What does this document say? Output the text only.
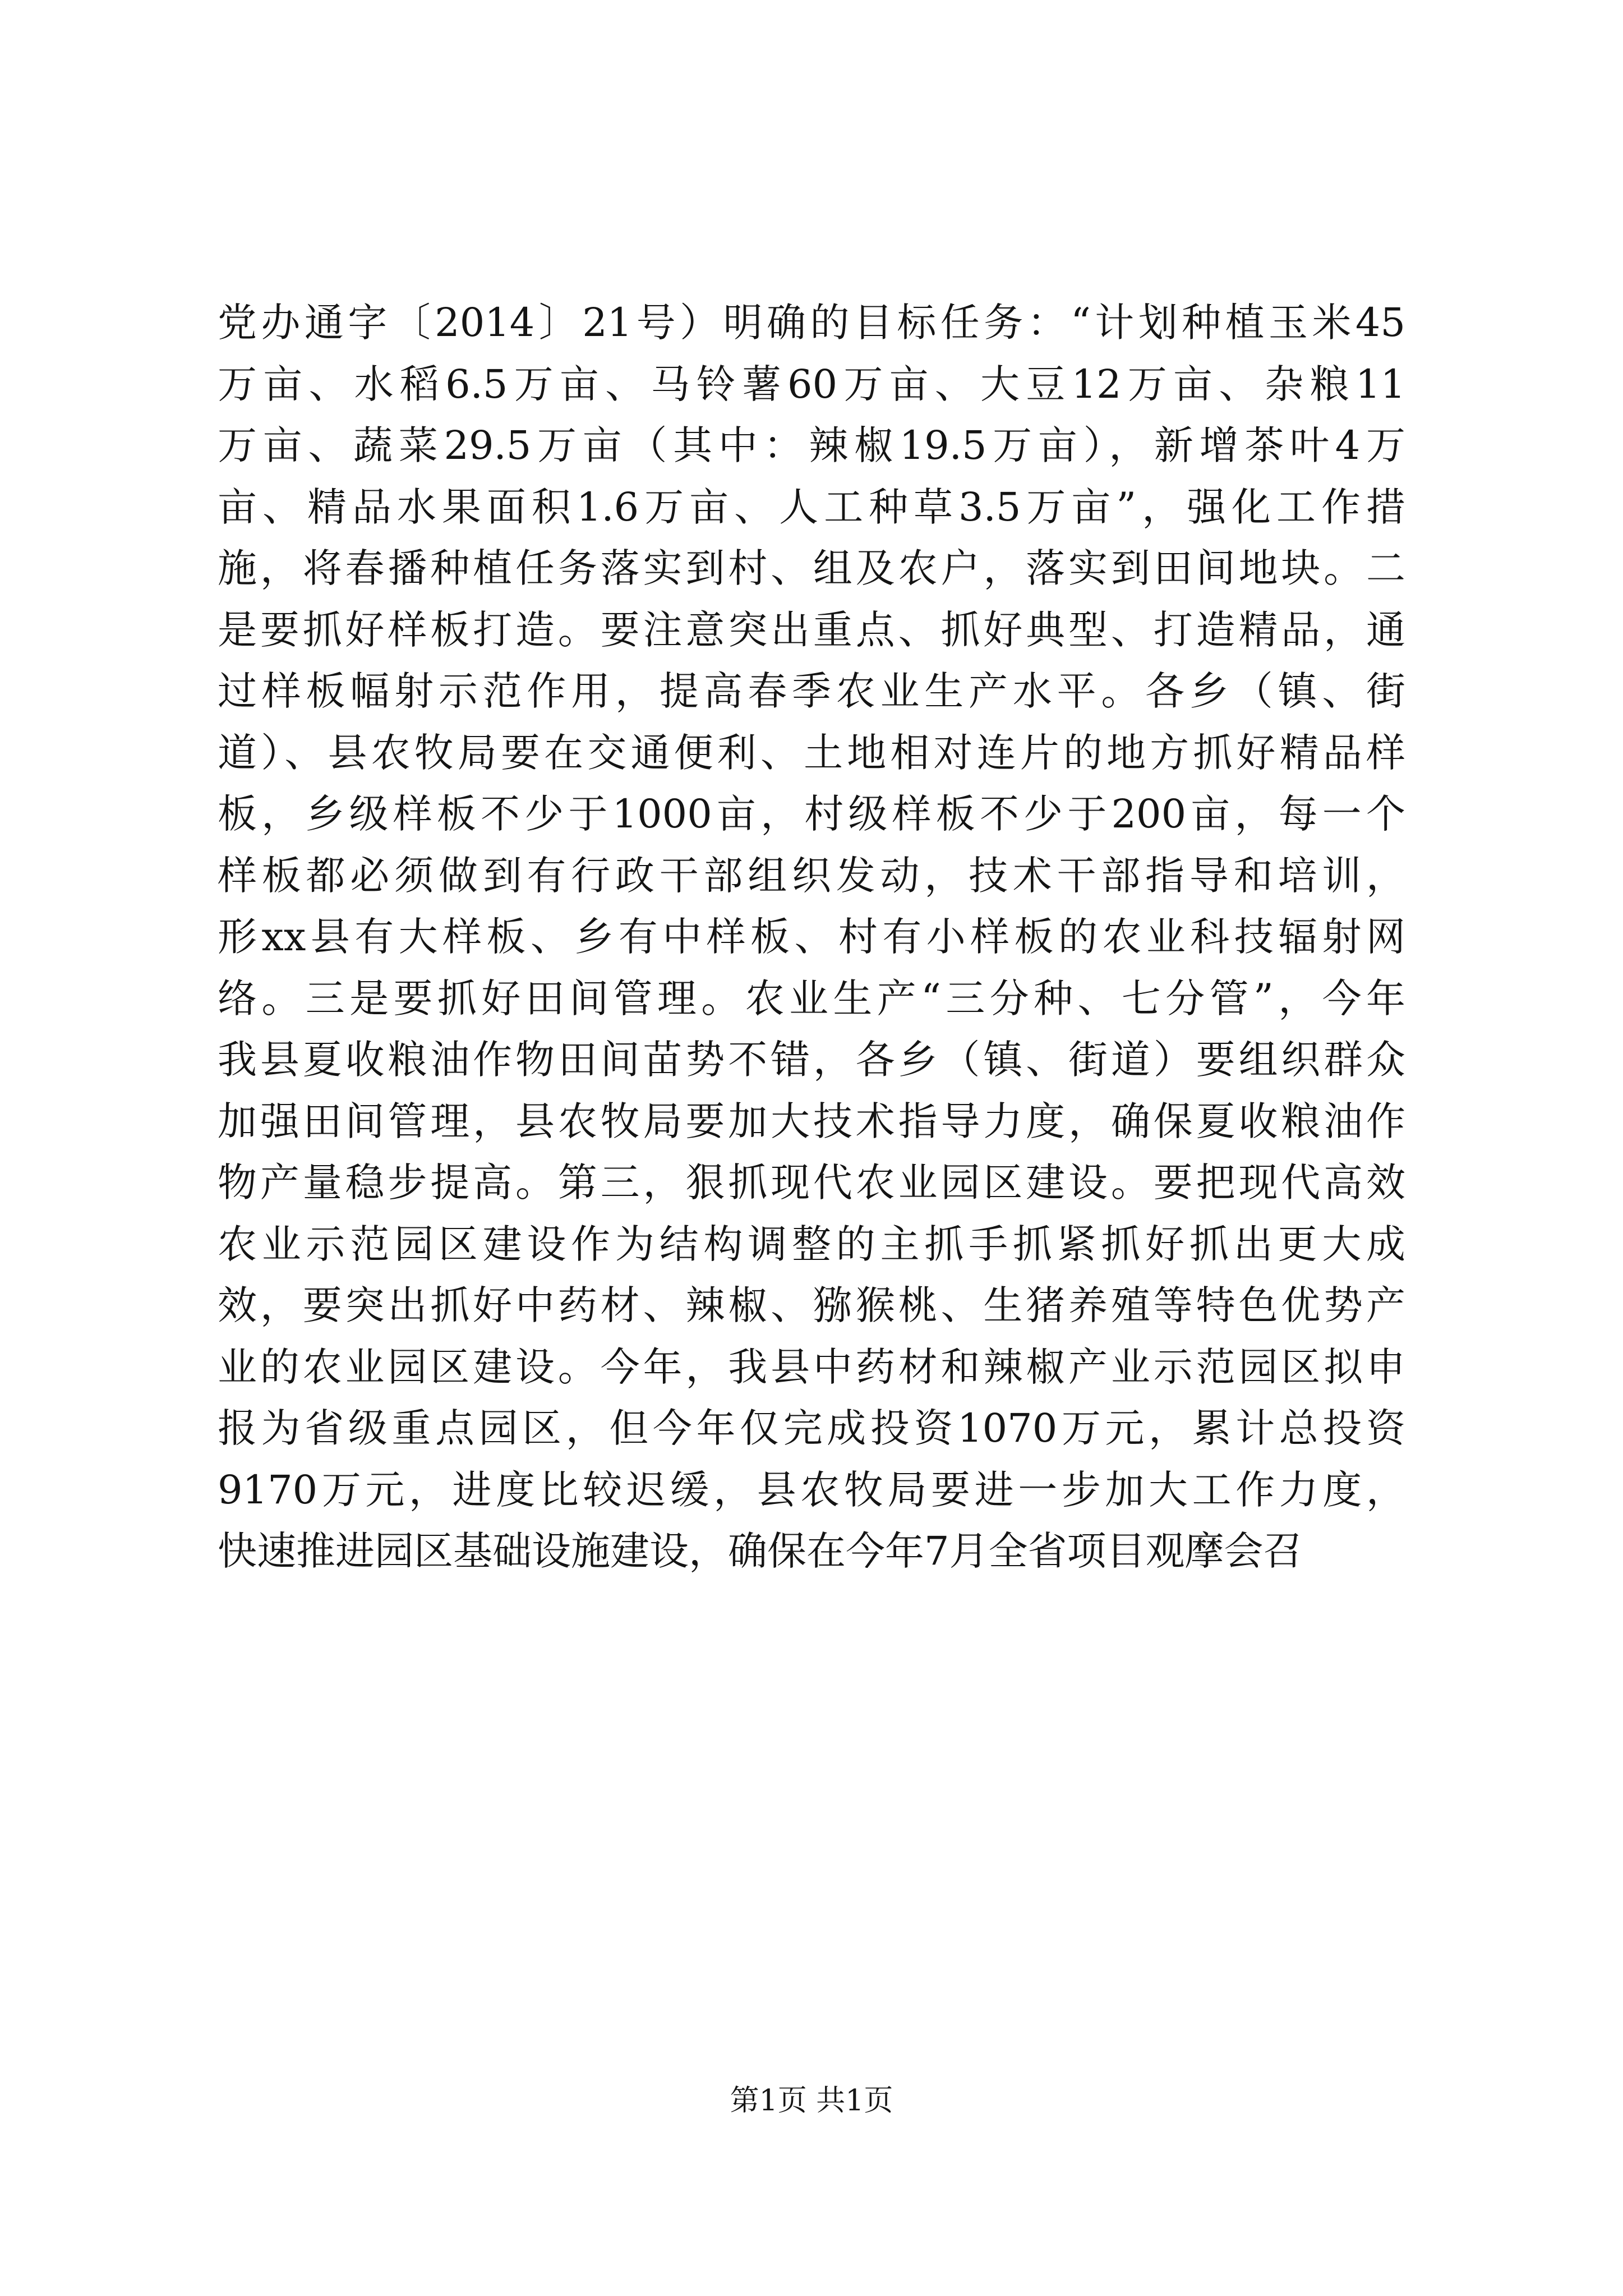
党办通字〔2014〕21号）明确的目标任务：“计划种植玉米45
万亩、水稻6.5万亩、马铃薯60万亩、大豆12万亩、杂粮11
万亩、蔬菜29.5万亩（其中：辣椒19.5万亩），新增茶叶4万
亩、精品水果面积1.6万亩、人工种草3.5万亩”，强化工作措
施，将春播种植任务落实到村、组及农户，落实到田间地块。二
是要抓好样板打造。要注意突出重点、抓好典型、打造精品，通
过样板幅射示范作用，提高春季农业生产水平。各乡（镇、街
道）、县农牧局要在交通便利、土地相对连片的地方抓好精品样
板，乡级样板不少于1000亩，村级样板不少于200亩，每一个
样板都必须做到有行政干部组织发动，技术干部指导和培训，
形xx县有大样板、乡有中样板、村有小样板的农业科技辐射网
络。三是要抓好田间管理。农业生产“三分种、七分管”，今年
我县夏收粮油作物田间苗势不错，各乡（镇、街道）要组织群众
加强田间管理，县农牧局要加大技术指导力度，确保夏收粮油作
物产量稳步提高。第三，狠抓现代农业园区建设。要把现代高效
农业示范园区建设作为结构调整的主抓手抓紧抓好抓出更大成
效，要突出抓好中药材、辣椒、猕猴桃、生猪养殖等特色优势产
业的农业园区建设。今年，我县中药材和辣椒产业示范园区拟申
报为省级重点园区，但今年仅完成投资1070万元，累计总投资
9170万元，进度比较迟缓，县农牧局要进一步加大工作力度，
快速推进园区基础设施建设，确保在今年7月全省项目观摩会召
第1页 共1页
